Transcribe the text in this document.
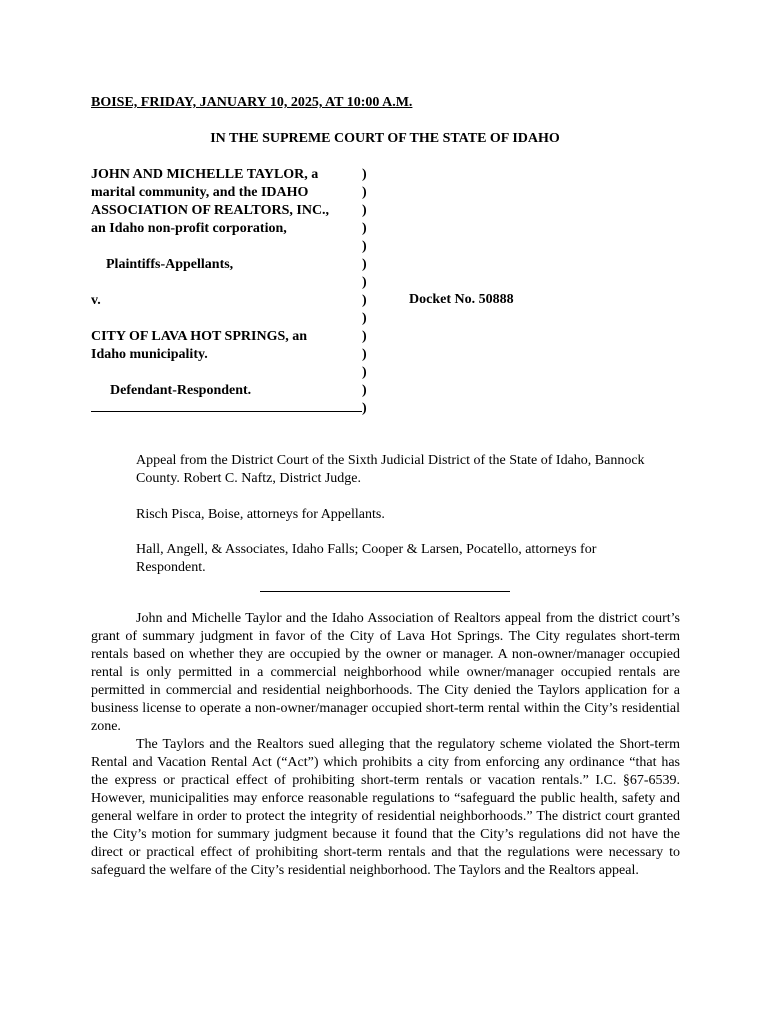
BOISE, FRIDAY, JANUARY 10, 2025, AT 10:00 A.M.
IN THE SUPREME COURT OF THE STATE OF IDAHO
JOHN AND MICHELLE TAYLOR, a
marital community, and the IDAHO
ASSOCIATION OF REALTORS, INC.,
an Idaho non-profit corporation,
Plaintiffs-Appellants,
v.
CITY OF LAVA HOT SPRINGS, an
Idaho municipality.
Defendant-Respondent.
)
)
)
)
)
)
)
)
)
)
)
)
)
)
Docket No. 50888

Appeal from the District Court of the Sixth Judicial District of the State of Idaho, Bannock County. Robert C. Naftz, District Judge.

Risch Pisca, Boise, attorneys for Appellants.

Hall, Angell, & Associates, Idaho Falls; Cooper & Larsen, Pocatello, attorneys for Respondent.

John and Michelle Taylor and the Idaho Association of Realtors appeal from the district court’s grant of summary judgment in favor of the City of Lava Hot Springs. The City regulates short-term rentals based on whether they are occupied by the owner or manager. A non-owner/manager occupied rental is only permitted in a commercial neighborhood while owner/manager occupied rentals are permitted in commercial and residential neighborhoods. The City denied the Taylors application for a business license to operate a non-owner/manager occupied short-term rental within the City’s residential zone.

The Taylors and the Realtors sued alleging that the regulatory scheme violated the Short-term Rental and Vacation Rental Act (“Act”) which prohibits a city from enforcing any ordinance “that has the express or practical effect of prohibiting short-term rentals or vacation rentals.” I.C. §67-6539. However, municipalities may enforce reasonable regulations to “safeguard the public health, safety and general welfare in order to protect the integrity of residential neighborhoods.” The district court granted the City’s motion for summary judgment because it found that the City’s regulations did not have the direct or practical effect of prohibiting short-term rentals and that the regulations were necessary to safeguard the welfare of the City’s residential neighborhood. The Taylors and the Realtors appeal.
